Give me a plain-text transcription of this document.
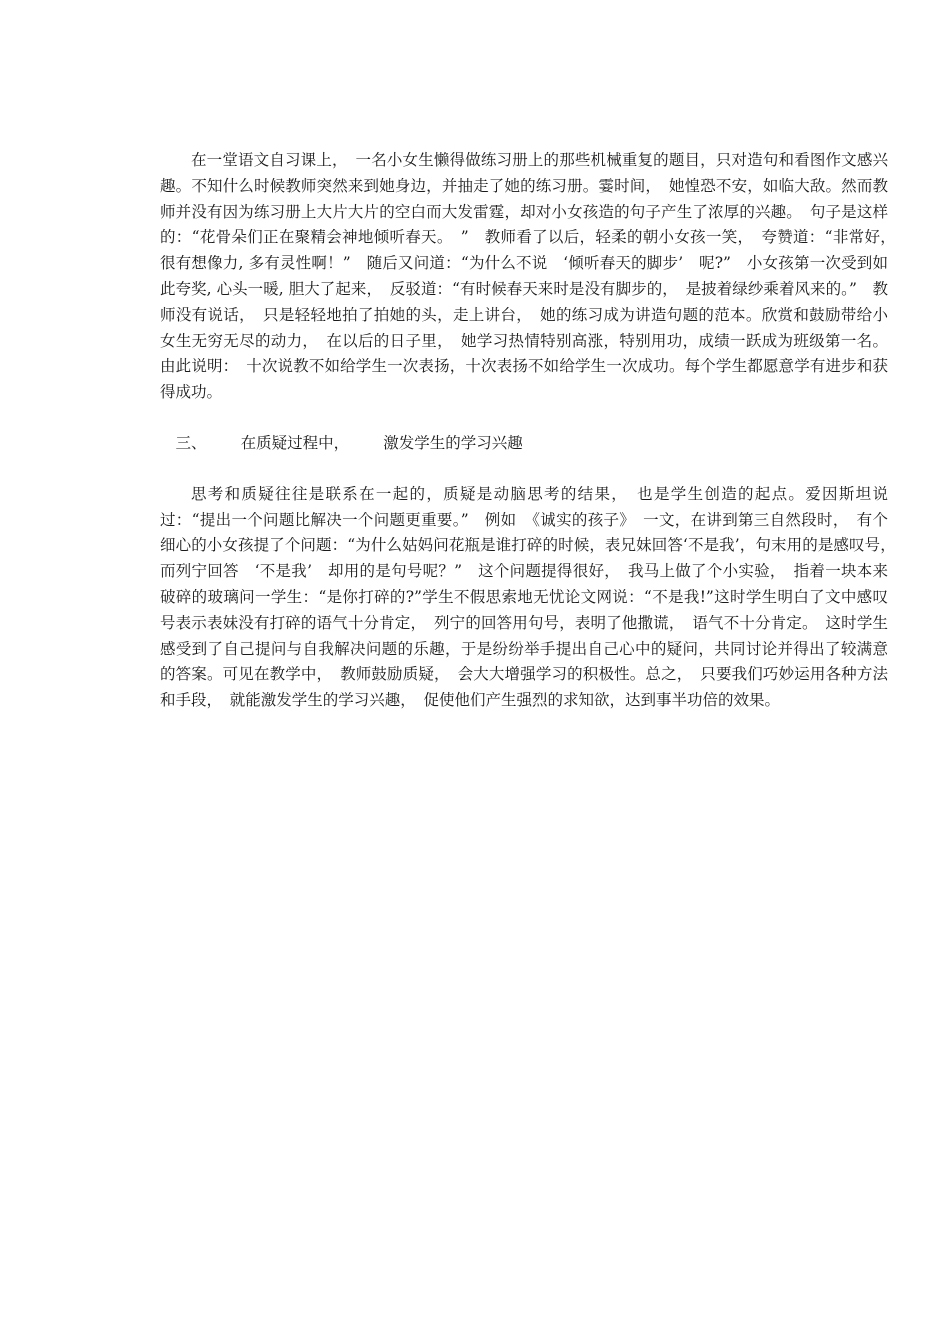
在一堂语文自习课上，　一名小女生懒得做练习册上的那些机械重复的题目，只对造句和看图作文感兴趣。不知什么时候教师突然来到她身边，并抽走了她的练习册。霎时间，　她惶恐不安，如临大敌。然而教师并没有因为练习册上大片大片的空白而大发雷霆，却对小女孩造的句子产生了浓厚的兴趣。　句子是这样的：“花骨朵们正在聚精会神地倾听春天。　”　教师看了以后，轻柔的朝小女孩一笑，　夸赞道：“非常好，　很有想像力, 多有灵性啊！”　随后又问道：“为什么不说　‘倾听春天的脚步’　呢?”　小女孩第一次受到如此夸奖, 心头一暖, 胆大了起来，　反驳道：“有时候春天来时是没有脚步的，　是披着绿纱乘着风来的。”　教师没有说话，　只是轻轻地拍了拍她的头，走上讲台，　她的练习成为讲造句题的范本。欣赏和鼓励带给小女生无穷无尽的动力，　在以后的日子里，　她学习热情特别高涨，特别用功，成绩一跃成为班级第一名。由此说明：　十次说教不如给学生一次表扬，十次表扬不如给学生一次成功。每个学生都愿意学有进步和获得成功。

三、 在质疑过程中， 激发学生的学习兴趣

思考和质疑往往是联系在一起的，质疑是动脑思考的结果，　也是学生创造的起点。爱因斯坦说过：“提出一个问题比解决一个问题更重要。”　例如　《诚实的孩子》　一文，在讲到第三自然段时，　有个细心的小女孩提了个问题：“为什么姑妈问花瓶是谁打碎的时候，表兄妹回答‘不是我’，句末用的是感叹号，　而列宁回答　‘不是我’　却用的是句号呢？”　这个问题提得很好，　我马上做了个小实验，　指着一块本来破碎的玻璃问一学生：“是你打碎的?”学生不假思索地无忧论文网说：“不是我!”这时学生明白了文中感叹号表示表妹没有打碎的语气十分肯定，　列宁的回答用句号，表明了他撒谎，　语气不十分肯定。　这时学生感受到了自己提问与自我解决问题的乐趣，于是纷纷举手提出自己心中的疑问，共同讨论并得出了较满意的答案。可见在教学中，　教师鼓励质疑，　会大大增强学习的积极性。总之，　只要我们巧妙运用各种方法和手段，　就能激发学生的学习兴趣，　促使他们产生强烈的求知欲，达到事半功倍的效果。
